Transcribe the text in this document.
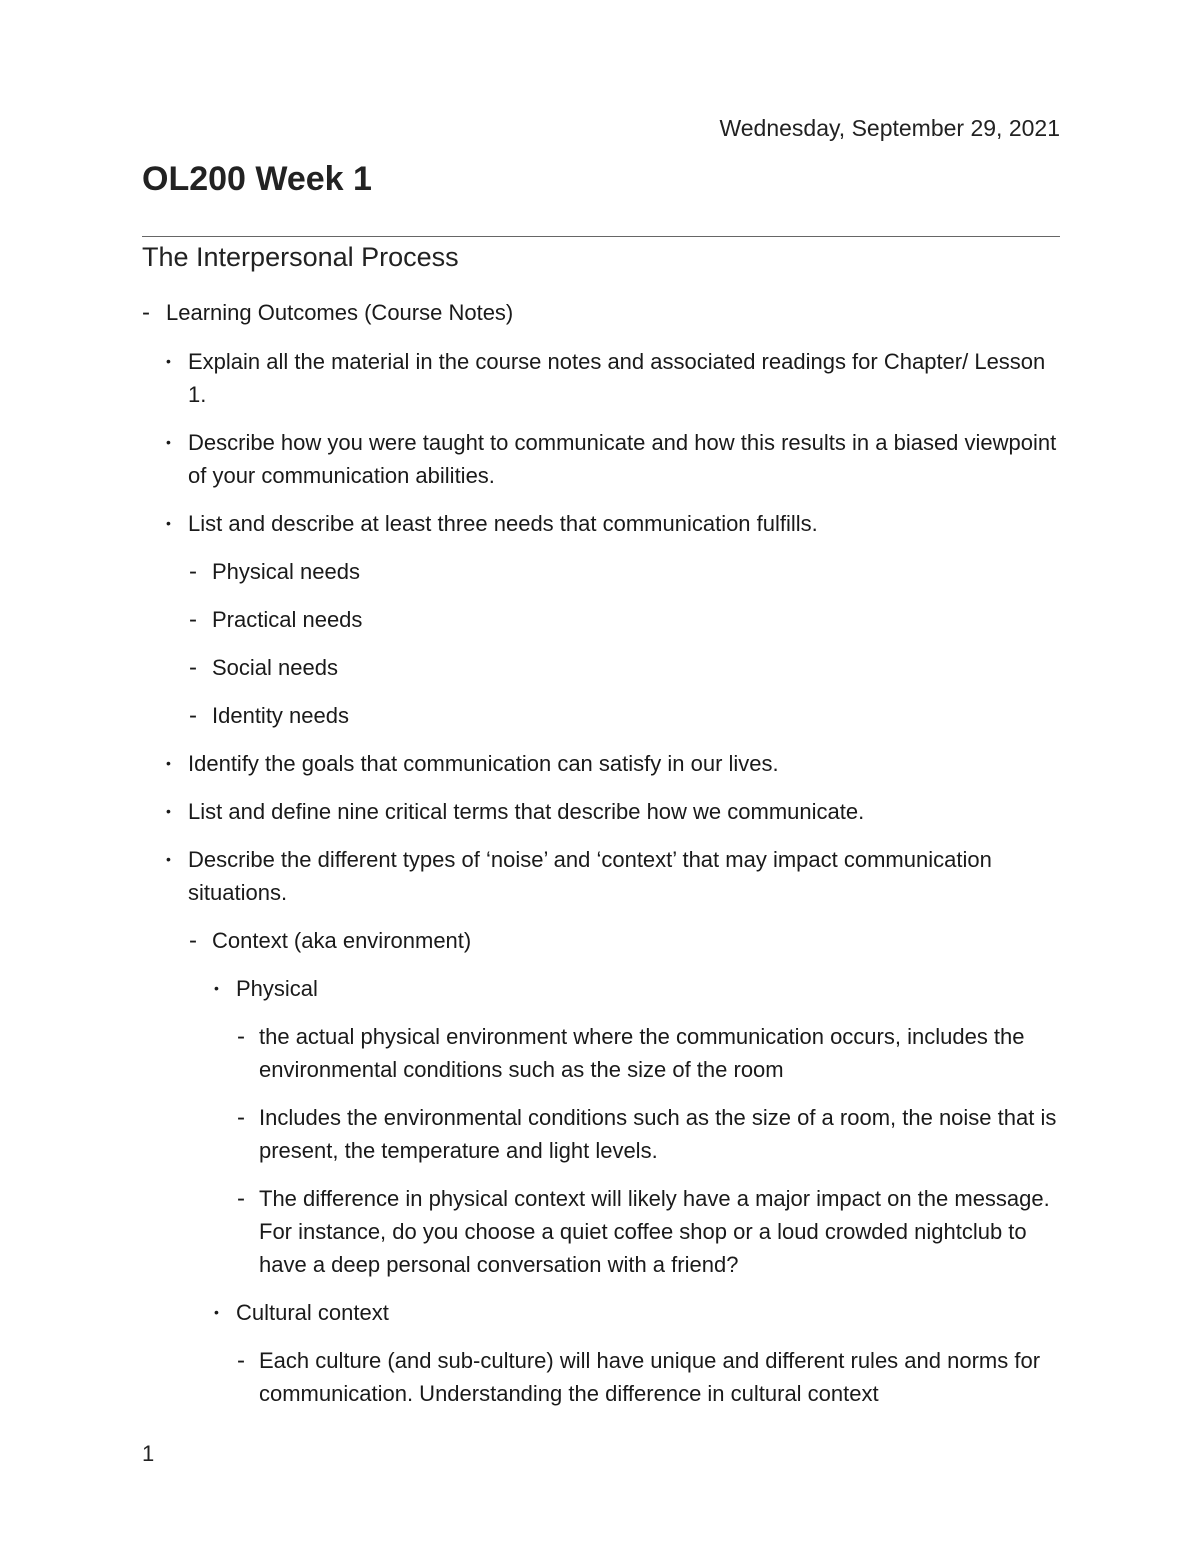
Wednesday, September 29, 2021
OL200 Week 1
The Interpersonal Process
- Learning Outcomes (Course Notes)
• Explain all the material in the course notes and associated readings for Chapter/ Lesson 1.
• Describe how you were taught to communicate and how this results in a biased viewpoint of your communication abilities.
• List and describe at least three needs that communication fulfills.
- Physical needs
- Practical needs
- Social needs
- Identity needs
• Identify the goals that communication can satisfy in our lives.
• List and define nine critical terms that describe how we communicate.
• Describe the different types of ‘noise’ and ‘context’ that may impact communication situations.
- Context (aka environment)
• Physical
- the actual physical environment where the communication occurs, includes the environmental conditions such as the size of the room
- Includes the environmental conditions such as the size of a room, the noise that is present, the temperature and light levels.
- The difference in physical context will likely have a major impact on the message. For instance, do you choose a quiet coffee shop or a loud crowded nightclub to have a deep personal conversation with a friend?
• Cultural context
- Each culture (and sub-culture) will have unique and different rules and norms for communication. Understanding the difference in cultural context
1
